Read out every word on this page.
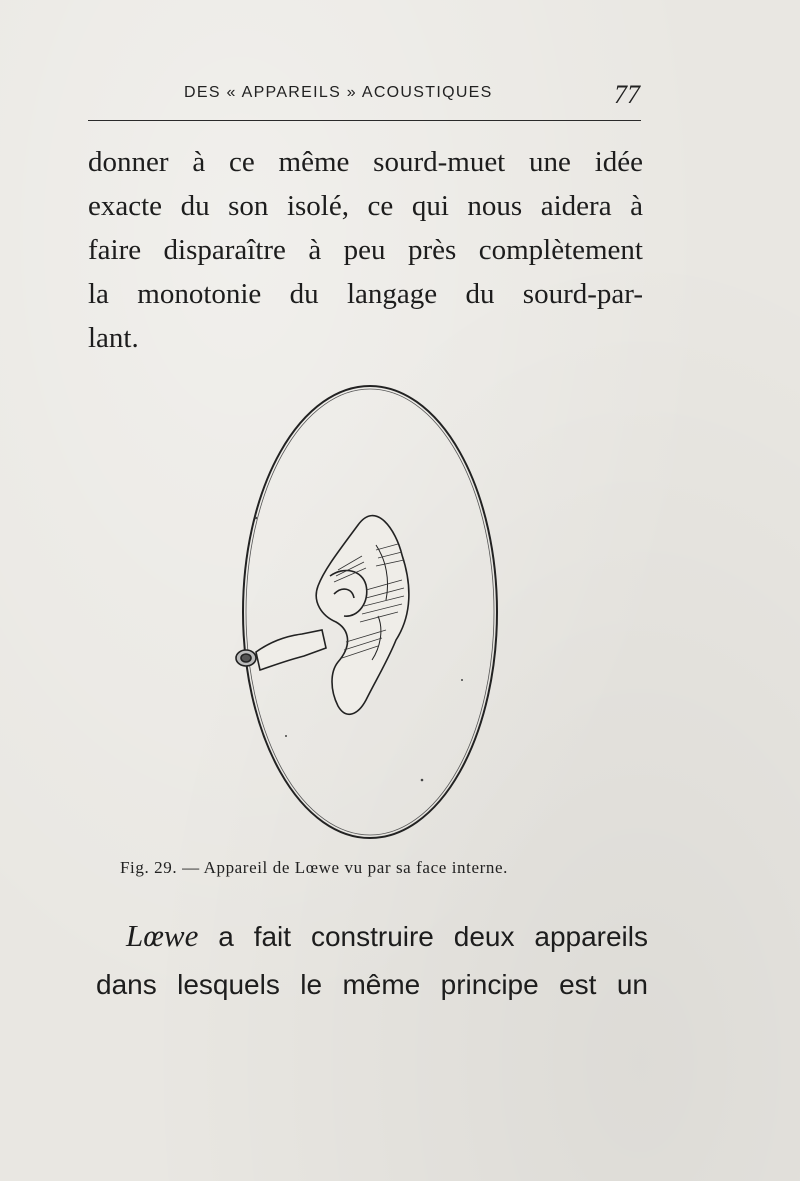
DES « APPAREILS » ACOUSTIQUES	77
donner à ce même sourd-muet une idée
exacte du son isolé, ce qui nous aidera à
faire disparaître à peu près complètement
la monotonie du langage du sourd-par-
lant.
Fig. 29. — Appareil de Lœwe vu par sa face interne.
Lœwe a fait construire deux appareils
dans lesquels le même principe est un
